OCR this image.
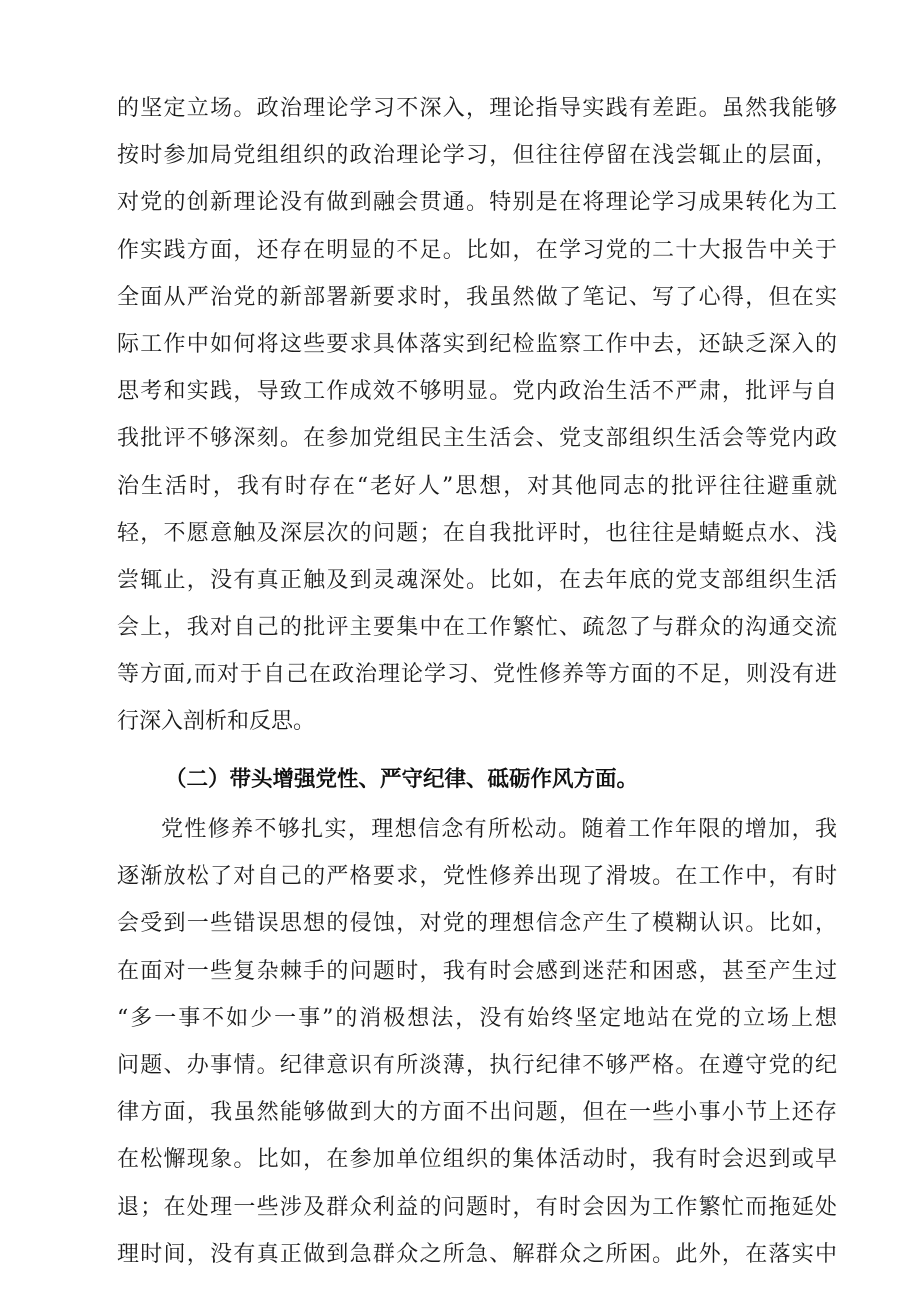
的坚定立场。政治理论学习不深入，理论指导实践有差距。虽然我能够
按时参加局党组组织的政治理论学习，但往往停留在浅尝辄止的层面，
对党的创新理论没有做到融会贯通。特别是在将理论学习成果转化为工
作实践方面，还存在明显的不足。比如，在学习党的二十大报告中关于
全面从严治党的新部署新要求时，我虽然做了笔记、写了心得，但在实
际工作中如何将这些要求具体落实到纪检监察工作中去，还缺乏深入的
思考和实践，导致工作成效不够明显。党内政治生活不严肃，批评与自
我批评不够深刻。在参加党组民主生活会、党支部组织生活会等党内政
治生活时，我有时存在“老好人”思想，对其他同志的批评往往避重就
轻，不愿意触及深层次的问题；在自我批评时，也往往是蜻蜓点水、浅
尝辄止，没有真正触及到灵魂深处。比如，在去年底的党支部组织生活
会上，我对自己的批评主要集中在工作繁忙、疏忽了与群众的沟通交流
等方面,而对于自己在政治理论学习、党性修养等方面的不足，则没有进
行深入剖析和反思。
（二）带头增强党性、严守纪律、砥砺作风方面。
党性修养不够扎实，理想信念有所松动。随着工作年限的增加，我
逐渐放松了对自己的严格要求，党性修养出现了滑坡。在工作中，有时
会受到一些错误思想的侵蚀，对党的理想信念产生了模糊认识。比如，
在面对一些复杂棘手的问题时，我有时会感到迷茫和困惑，甚至产生过
“多一事不如少一事”的消极想法，没有始终坚定地站在党的立场上想
问题、办事情。纪律意识有所淡薄，执行纪律不够严格。在遵守党的纪
律方面，我虽然能够做到大的方面不出问题，但在一些小事小节上还存
在松懈现象。比如，在参加单位组织的集体活动时，我有时会迟到或早
退；在处理一些涉及群众利益的问题时，有时会因为工作繁忙而拖延处
理时间，没有真正做到急群众之所急、解群众之所困。此外，在落实中
